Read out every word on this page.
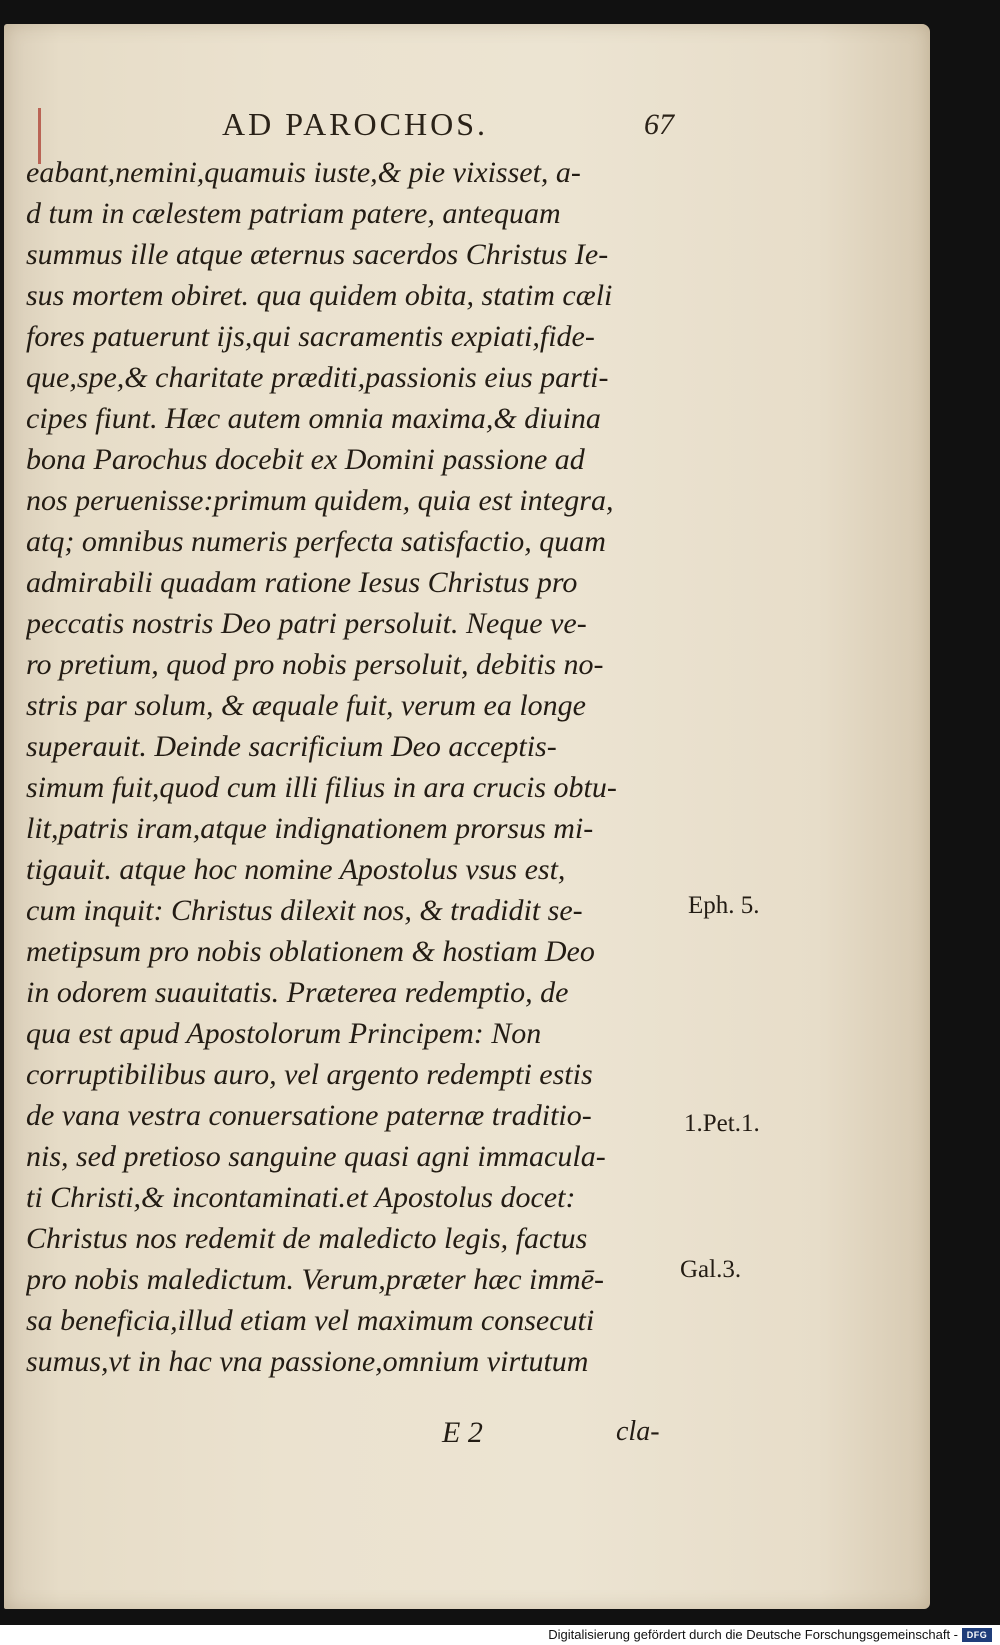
AD PAROCHOS.	67
eabant,nemini,quamuis iuste,& pie vixisset, a-
d tum in cælestem patriam patere, antequam
summus ille atque æternus sacerdos Christus Ie-
sus mortem obiret. qua quidem obita, statim cæli
fores patuerunt ijs,qui sacramentis expiati,fide-
que,spe,& charitate præditi,passionis eius parti-
cipes fiunt. Hæc autem omnia maxima,& diuina
bona Parochus docebit ex Domini passione ad
nos peruenisse:primum quidem, quia est integra,
atq; omnibus numeris perfecta satisfactio, quam
admirabili quadam ratione Iesus Christus pro
peccatis nostris Deo patri persoluit. Neque ve-
ro pretium, quod pro nobis persoluit, debitis no-
stris par solum, & æquale fuit, verum ea longe
superauit. Deinde sacrificium Deo acceptis-
simum fuit,quod cum illi filius in ara crucis obtu-
lit,patris iram,atque indignationem prorsus mi-
tigauit. atque hoc nomine Apostolus vsus est,
cum inquit: Christus dilexit nos, & tradidit se-
metipsum pro nobis oblationem & hostiam Deo
in odorem suauitatis. Præterea redemptio, de
qua est apud Apostolorum Principem: Non
corruptibilibus auro, vel argento redempti estis
de vana vestra conuersatione paternæ traditio-
nis, sed pretioso sanguine quasi agni immacula-
ti Christi,& incontaminati.et Apostolus docet:
Christus nos redemit de maledicto legis, factus
pro nobis maledictum. Verum,præter hæc immē-
sa beneficia,illud etiam vel maximum consecuti
sumus,vt in hac vna passione,omnium virtutum
Eph. 5.
1.Pet.1.
Gal.3.
E 2	cla-
Digitalisierung gefördert durch die Deutsche Forschungsgemeinschaft - DFG
